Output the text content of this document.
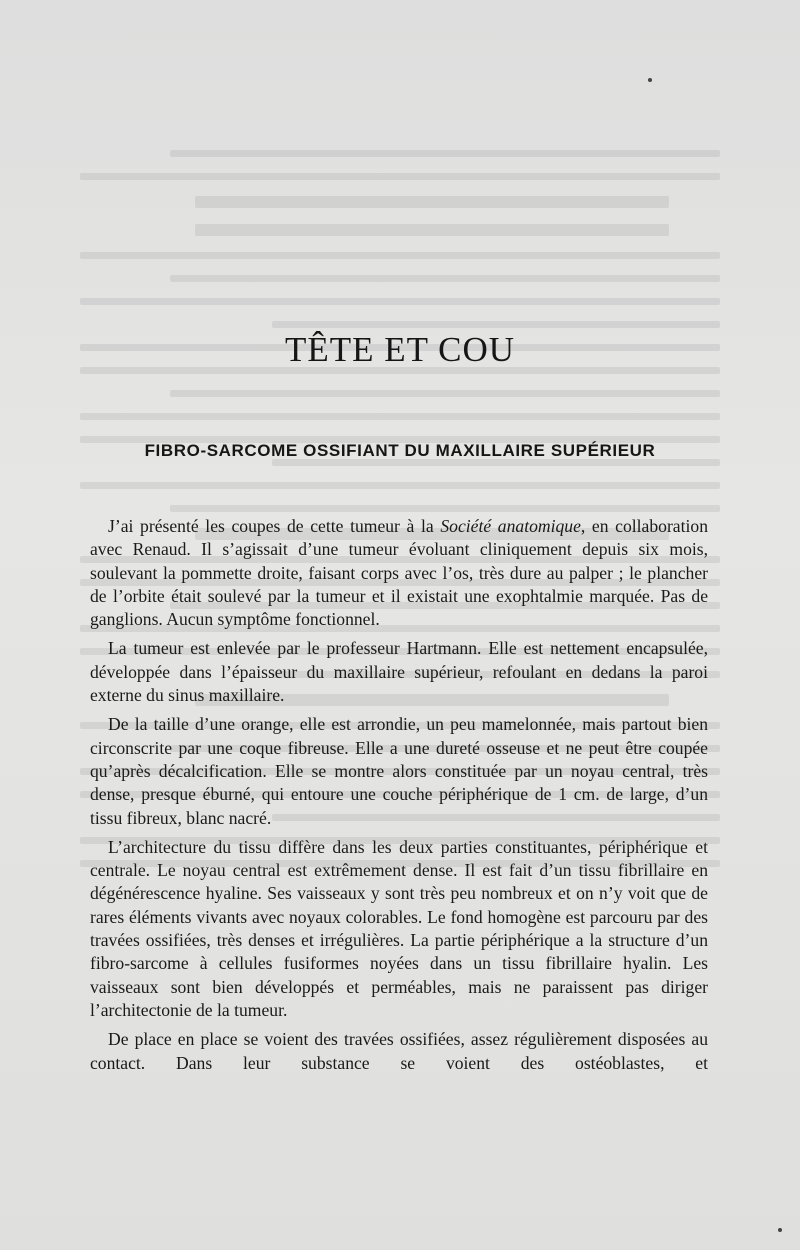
TÊTE ET COU
FIBRO-SARCOME OSSIFIANT DU MAXILLAIRE SUPÉRIEUR

J’ai présenté les coupes de cette tumeur à la Société anatomique, en collaboration avec Renaud. Il s’agissait d’une tumeur évoluant cliniquement depuis six mois, soulevant la pommette droite, faisant corps avec l’os, très dure au palper ; le plancher de l’orbite était soulevé par la tumeur et il existait une exophtalmie marquée. Pas de ganglions. Aucun symptôme fonctionnel.

La tumeur est enlevée par le professeur Hartmann. Elle est nettement encapsulée, développée dans l’épaisseur du maxillaire supérieur, refoulant en dedans la paroi externe du sinus maxillaire.

De la taille d’une orange, elle est arrondie, un peu mamelonnée, mais partout bien circonscrite par une coque fibreuse. Elle a une dureté osseuse et ne peut être coupée qu’après décalcification. Elle se montre alors constituée par un noyau central, très dense, presque éburné, qui entoure une couche périphérique de 1 cm. de large, d’un tissu fibreux, blanc nacré.

L’architecture du tissu diffère dans les deux parties constituantes, périphérique et centrale. Le noyau central est extrêmement dense. Il est fait d’un tissu fibrillaire en dégénérescence hyaline. Ses vaisseaux y sont très peu nombreux et on n’y voit que de rares éléments vivants avec noyaux colorables. Le fond homogène est parcouru par des travées ossifiées, très denses et irrégulières. La partie périphérique a la structure d’un fibro-sarcome à cellules fusiformes noyées dans un tissu fibrillaire hyalin. Les vaisseaux sont bien développés et perméables, mais ne paraissent pas diriger l’architectonie de la tumeur.

De place en place se voient des travées ossifiées, assez régulièrement disposées au contact. Dans leur substance se voient des ostéoblastes, et
